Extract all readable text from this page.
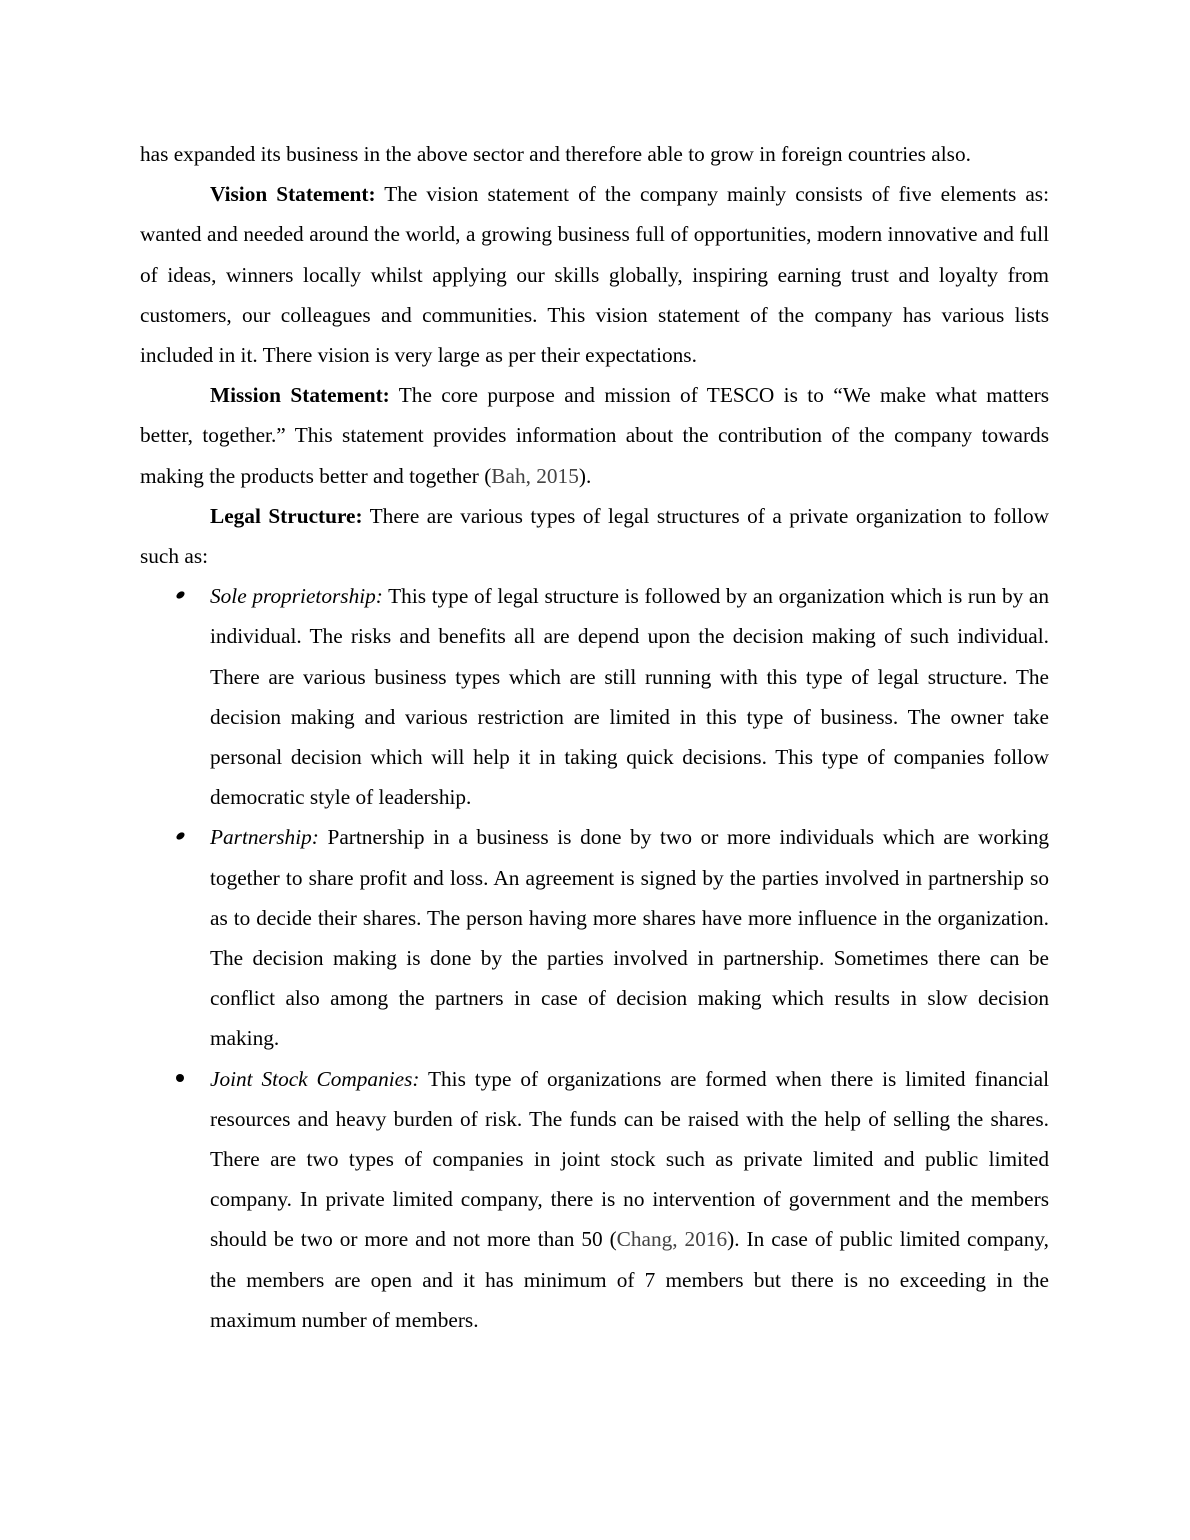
has expanded its business in the above sector and therefore able to grow in foreign countries also.

Vision Statement: The vision statement of the company mainly consists of five elements as: wanted and needed around the world, a growing business full of opportunities, modern innovative and full of ideas, winners locally whilst applying our skills globally, inspiring earning trust and loyalty from customers, our colleagues and communities. This vision statement of the company has various lists included in it. There vision is very large as per their expectations.

Mission Statement: The core purpose and mission of TESCO is to “We make what matters better, together.” This statement provides information about the contribution of the company towards making the products better and together (Bah, 2015).

Legal Structure: There are various types of legal structures of a private organization to follow such as:

Sole proprietorship: This type of legal structure is followed by an organization which is run by an individual. The risks and benefits all are depend upon the decision making of such individual. There are various business types which are still running with this type of legal structure. The decision making and various restriction are limited in this type of business. The owner take personal decision which will help it in taking quick decisions. This type of companies follow democratic style of leadership.
Partnership: Partnership in a business is done by two or more individuals which are working together to share profit and loss. An agreement is signed by the parties involved in partnership so as to decide their shares. The person having more shares have more influence in the organization. The decision making is done by the parties involved in partnership. Sometimes there can be conflict also among the partners in case of decision making which results in slow decision making.
Joint Stock Companies: This type of organizations are formed when there is limited financial resources and heavy burden of risk. The funds can be raised with the help of selling the shares. There are two types of companies in joint stock such as private limited and public limited company. In private limited company, there is no intervention of government and the members should be two or more and not more than 50 (Chang, 2016). In case of public limited company, the members are open and it has minimum of 7 members but there is no exceeding in the maximum number of members.
